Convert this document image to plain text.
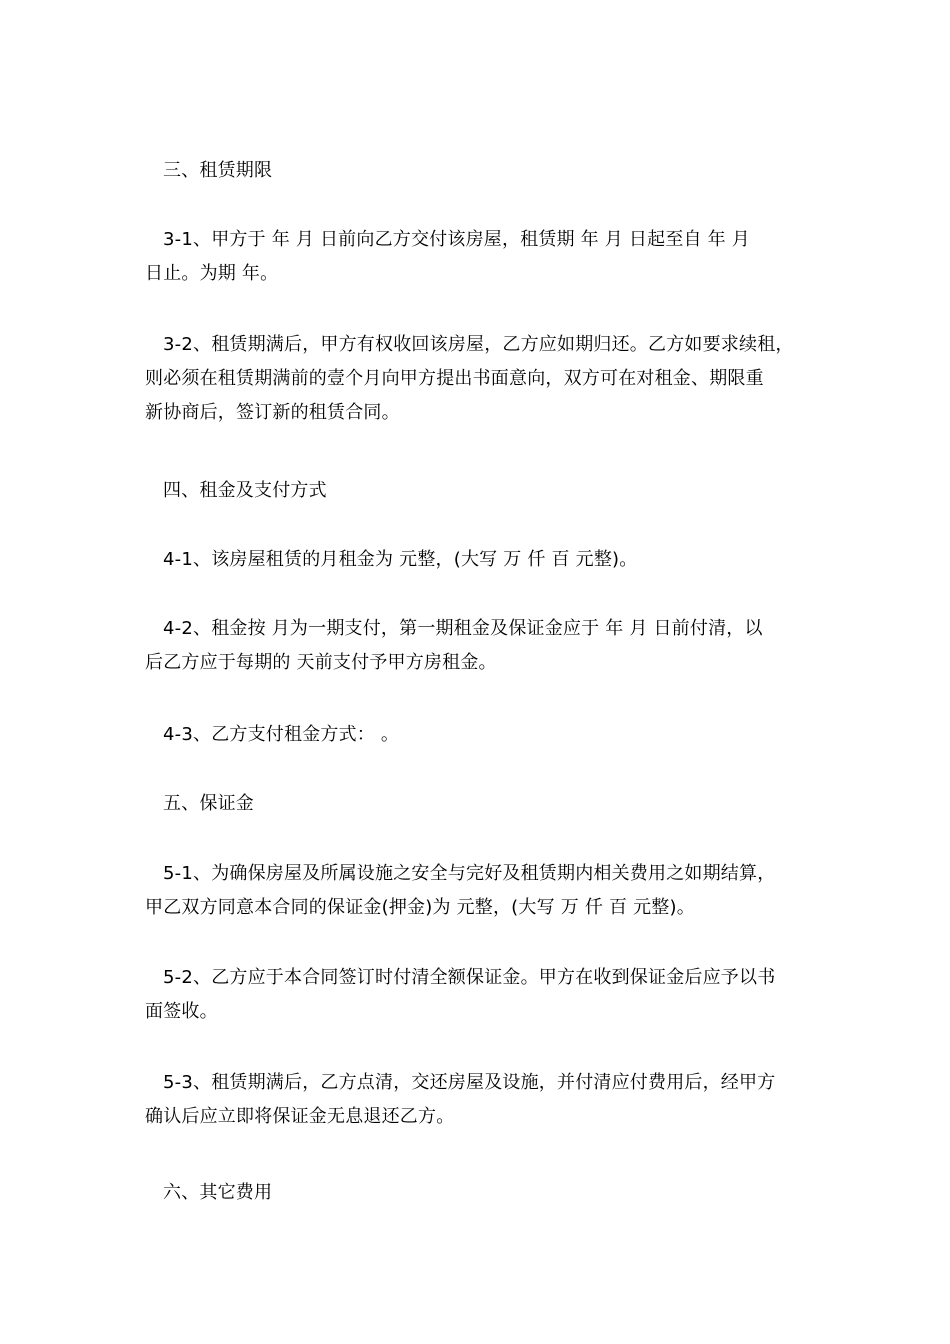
三、租赁期限

3-1、甲方于 年 月 日前向乙方交付该房屋，租赁期 年 月 日起至自 年 月
日止。为期 年。

3-2、租赁期满后，甲方有权收回该房屋，乙方应如期归还。乙方如要求续租，
则必须在租赁期满前的壹个月向甲方提出书面意向，双方可在对租金、期限重
新协商后，签订新的租赁合同。

四、租金及支付方式

4-1、该房屋租赁的月租金为 元整，(大写 万 仟 百 元整)。

4-2、租金按 月为一期支付，第一期租金及保证金应于 年 月 日前付清，以
后乙方应于每期的 天前支付予甲方房租金。

4-3、乙方支付租金方式： 。

五、保证金

5-1、为确保房屋及所属设施之安全与完好及租赁期内相关费用之如期结算，
甲乙双方同意本合同的保证金(押金)为 元整，(大写 万 仟 百 元整)。

5-2、乙方应于本合同签订时付清全额保证金。甲方在收到保证金后应予以书
面签收。

5-3、租赁期满后，乙方点清，交还房屋及设施，并付清应付费用后，经甲方
确认后应立即将保证金无息退还乙方。

六、其它费用
